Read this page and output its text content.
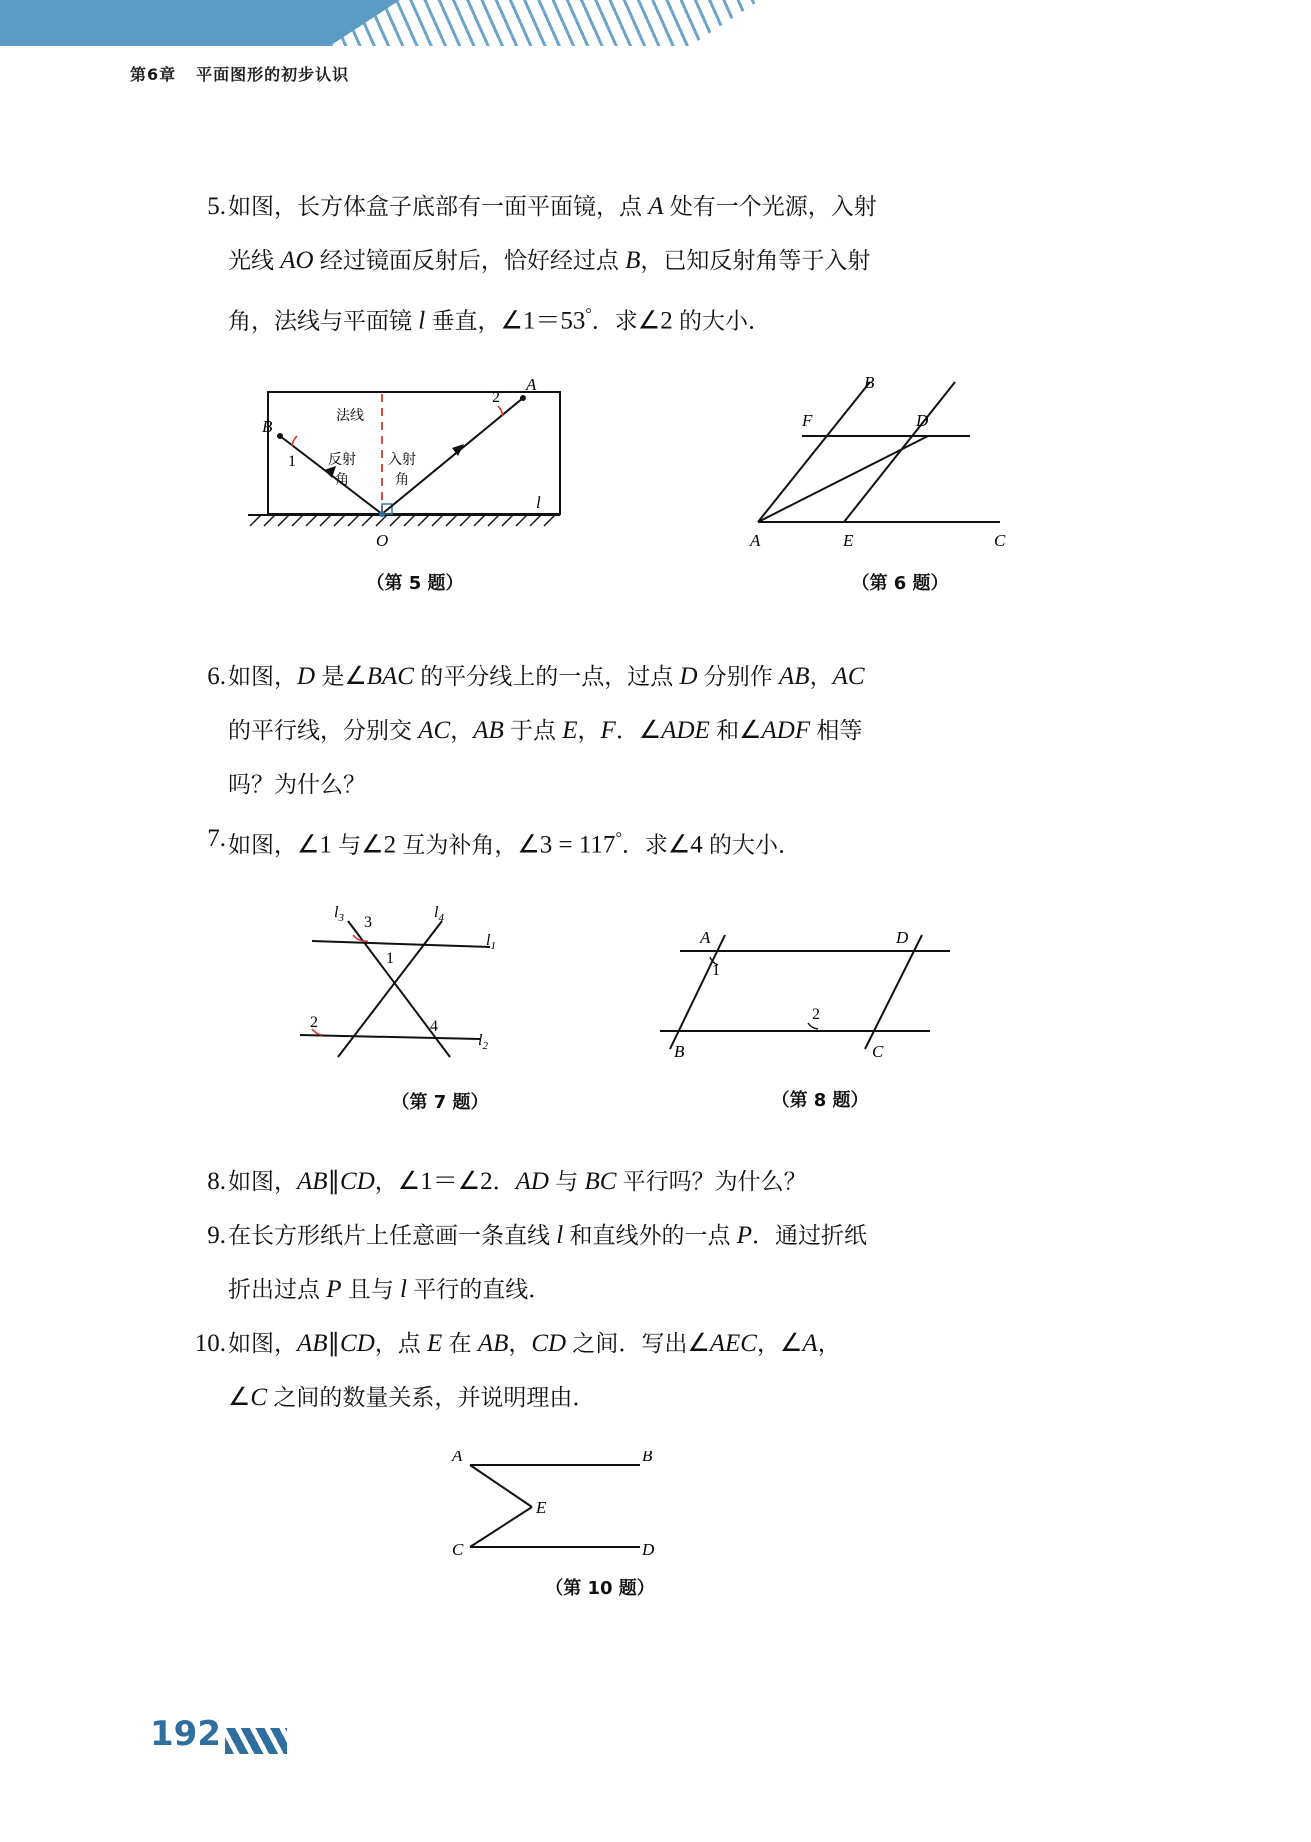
第6章 平面图形的初步认识
5. 如图，长方体盒子底部有一面平面镜，点 A 处有一个光源，入射
光线 AO 经过镜面反射后，恰好经过点 B，已知反射角等于入射
角，法线与平面镜 l 垂直，∠1＝53°．求∠2 的大小．
A
B
O
l
1
2
法线
反射
角
入射
角
（第 5 题）
B
A	C
D
E
F
（第 6 题）
6. 如图，D 是∠BAC 的平分线上的一点，过点 D 分别作 AB，AC
的平行线，分别交 AC，AB 于点 E，F．∠ADE 和∠ADF 相等
吗？为什么？
7. 如图，∠1 与∠2 互为补角，∠3 = 117°．求∠4 的大小．
$l_3$	$l_4$
$l_1$
$l_2$
3
1
2	4
（第 7 题）
A	D
B	C
1
2
（第 8 题）
8. 如图，AB∥CD，∠1＝∠2．AD 与 BC 平行吗？为什么？
9. 在长方形纸片上任意画一条直线 l 和直线外的一点 P．通过折纸
折出过点 P 且与 l 平行的直线．
10. 如图，AB∥CD，点 E 在 AB，CD 之间．写出∠AEC，∠A，
∠C 之间的数量关系，并说明理由．
A	B
C	D
E
（第 10 题）
192
